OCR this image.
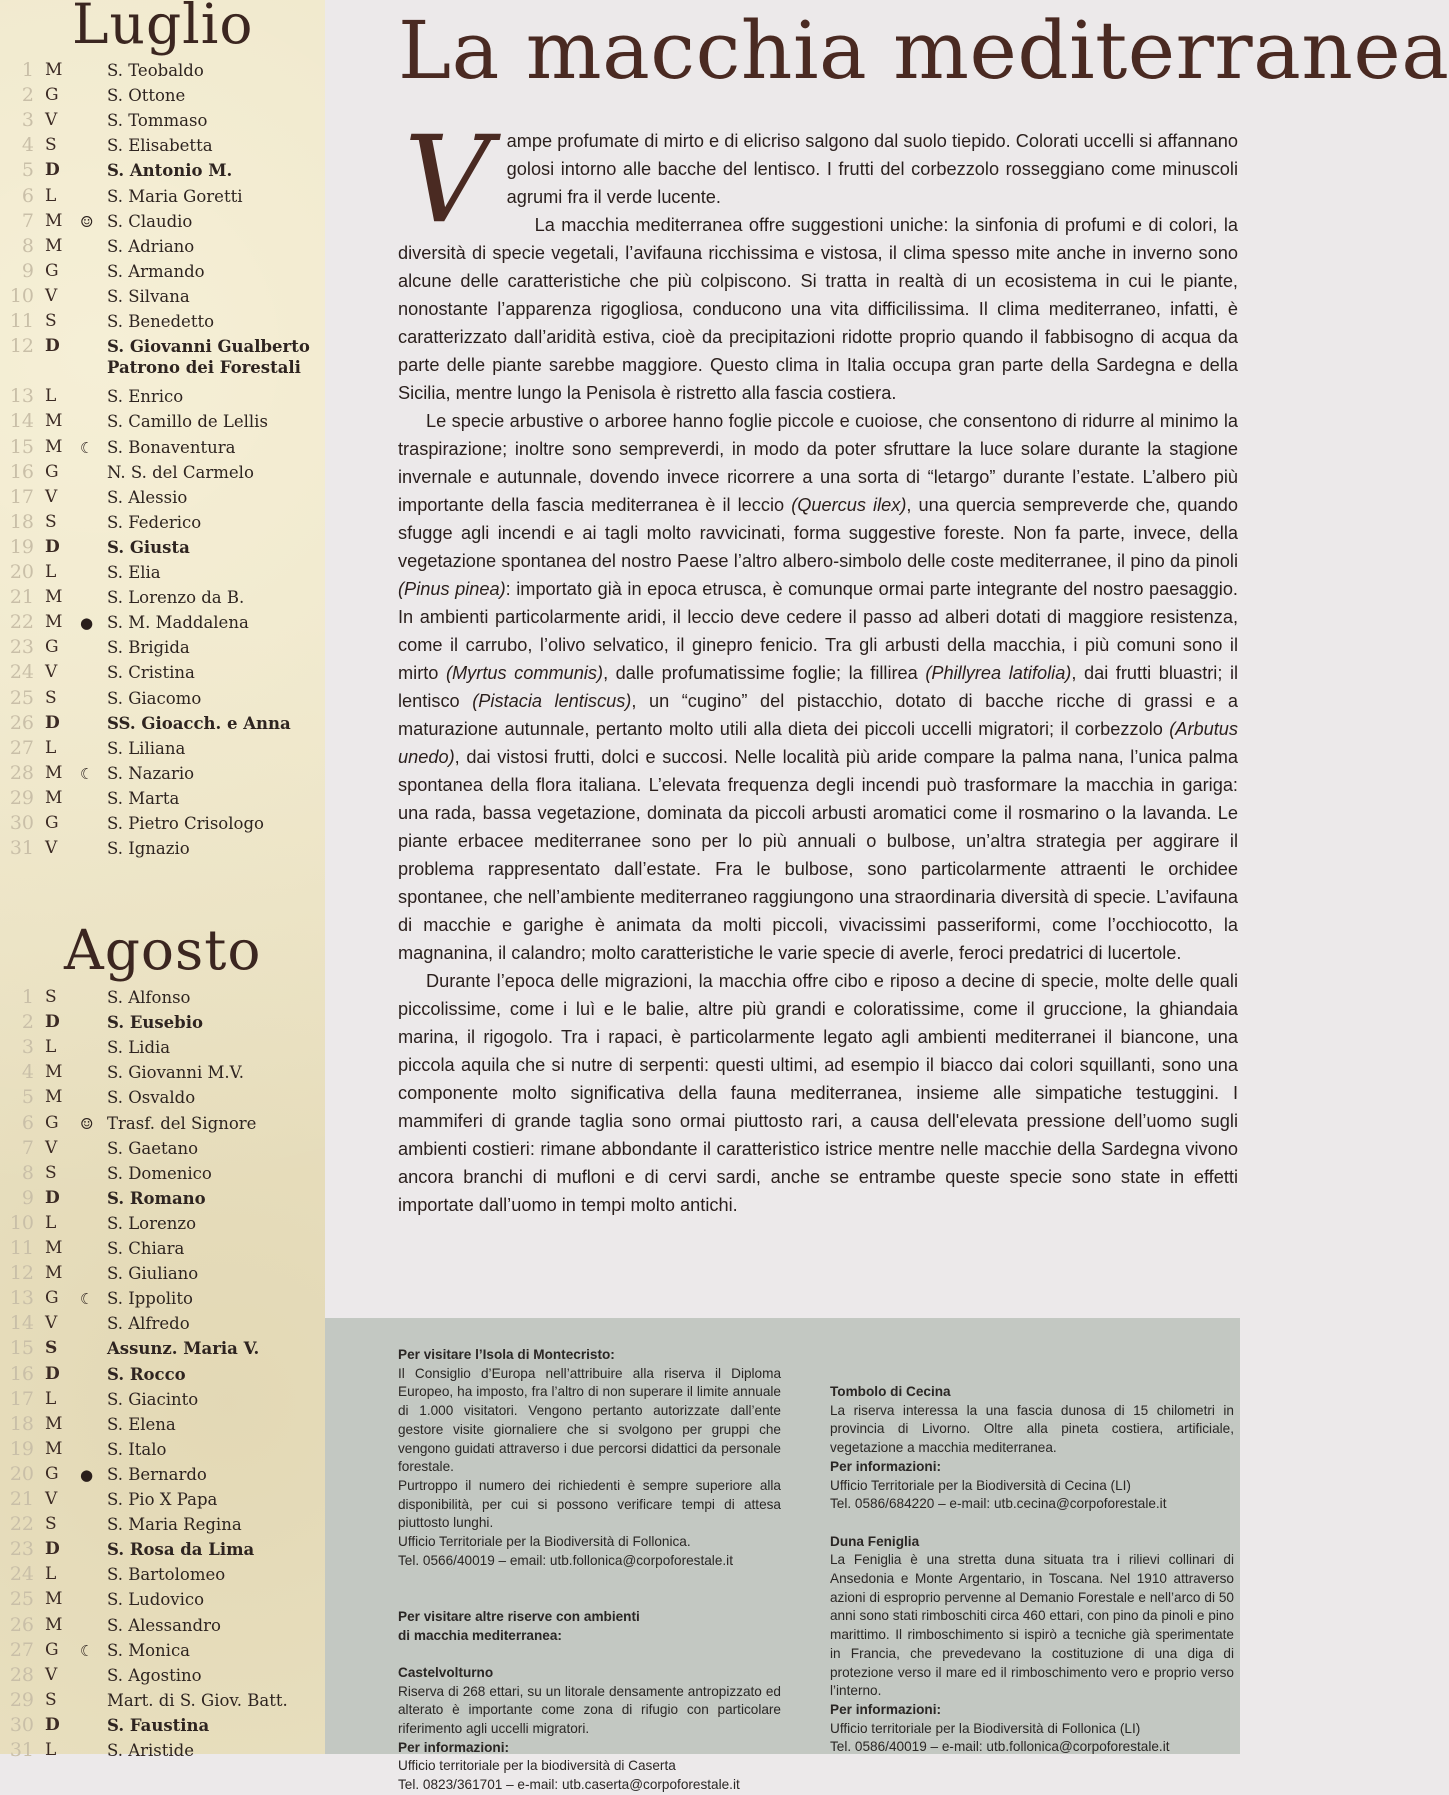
Luglio
1 M	S. Teobaldo
2 G	S. Ottone
3 V	S. Tommaso
4 S	S. Elisabetta
5 D	S. Antonio M.
6 L	S. Maria Goretti
7 M ☺ S. Claudio
8 M	S. Adriano
9 G	S. Armando
10 V	S. Silvana
11 S	S. Benedetto
12 D	S. Giovanni Gualberto
Patrono dei Forestali
13 L	S. Enrico
14 M	S. Camillo de Lellis
15 M ☾ S. Bonaventura
16 G	N. S. del Carmelo
17 V	S. Alessio
18 S	S. Federico
19 D	S. Giusta
20 L	S. Elia
21 M	S. Lorenzo da B.
22 M ● S. M. Maddalena
23 G	S. Brigida
24 V	S. Cristina
25 S	S. Giacomo
26 D	SS. Gioacch. e Anna
27 L	S. Liliana
28 M ☾ S. Nazario
29 M	S. Marta
30 G	S. Pietro Crisologo
31 V	S. Ignazio
Agosto
1 S	S. Alfonso
2 D	S. Eusebio
3 L	S. Lidia
4 M	S. Giovanni M.V.
5 M	S. Osvaldo
6 G ☺ Trasf. del Signore
7 V	S. Gaetano
8 S	S. Domenico
9 D	S. Romano
10 L	S. Lorenzo
11 M	S. Chiara
12 M	S. Giuliano
13 G ☾ S. Ippolito
14 V	S. Alfredo
15 S	Assunz. Maria V.
16 D	S. Rocco
17 L	S. Giacinto
18 M	S. Elena
19 M	S. Italo
20 G ● S. Bernardo
21 V	S. Pio X Papa
22 S	S. Maria Regina
23 D	S. Rosa da Lima
24 L	S. Bartolomeo
25 M	S. Ludovico
26 M	S. Alessandro
27 G ☾ S. Monica
28 V	S. Agostino
29 S	Mart. di S. Giov. Batt.
30 D	S. Faustina
31 L	S. Aristide
La macchia mediterranea

Vampe profumate di mirto e di elicriso salgono dal suolo tiepido. Colorati uccelli si affannano golosi intorno alle bacche del lentisco. I frutti del corbezzolo rosseggiano come minuscoli agrumi fra il verde lucente.

La macchia mediterranea offre suggestioni uniche: la sinfonia di profumi e di colori, la diversità di specie vegetali, l’avifauna ricchissima e vistosa, il clima spesso mite anche in inverno sono alcune delle caratteristiche che più colpiscono. Si tratta in realtà di un ecosistema in cui le piante, nonostante l’apparenza rigogliosa, conducono una vita difficilissima. Il clima mediterraneo, infatti, è caratterizzato dall’aridità estiva, cioè da precipitazioni ridotte proprio quando il fabbisogno di acqua da parte delle piante sarebbe maggiore. Questo clima in Italia occupa gran parte della Sardegna e della Sicilia, mentre lungo la Penisola è ristretto alla fascia costiera.

Le specie arbustive o arboree hanno foglie piccole e cuoiose, che consentono di ridurre al minimo la traspirazione; inoltre sono sempreverdi, in modo da poter sfruttare la luce solare durante la stagione invernale e autunnale, dovendo invece ricorrere a una sorta di “letargo” durante l’estate. L’albero più importante della fascia mediterranea è il leccio (Quercus ilex), una quercia sempreverde che, quando sfugge agli incendi e ai tagli molto ravvicinati, forma suggestive foreste. Non fa parte, invece, della vegetazione spontanea del nostro Paese l’altro albero-simbolo delle coste mediterranee, il pino da pinoli (Pinus pinea): importato già in epoca etrusca, è comunque ormai parte integrante del nostro paesaggio. In ambienti particolarmente aridi, il leccio deve cedere il passo ad alberi dotati di maggiore resistenza, come il carrubo, l’olivo selvatico, il ginepro fenicio. Tra gli arbusti della macchia, i più comuni sono il mirto (Myrtus communis), dalle profumatissime foglie; la fillirea (Phillyrea latifolia), dai frutti bluastri; il lentisco (Pistacia lentiscus), un “cugino” del pistacchio, dotato di bacche ricche di grassi e a maturazione autunnale, pertanto molto utili alla dieta dei piccoli uccelli migratori; il corbezzolo (Arbutus unedo), dai vistosi frutti, dolci e succosi. Nelle località più aride compare la palma nana, l’unica palma spontanea della flora italiana. L’elevata frequenza degli incendi può trasformare la macchia in gariga: una rada, bassa vegetazione, dominata da piccoli arbusti aromatici come il rosmarino o la lavanda. Le piante erbacee mediterranee sono per lo più annuali o bulbose, un’altra strategia per aggirare il problema rappresentato dall’estate. Fra le bulbose, sono particolarmente attraenti le orchidee spontanee, che nell’ambiente mediterraneo raggiungono una straordinaria diversità di specie. L’avifauna di macchie e garighe è animata da molti piccoli, vivacissimi passeriformi, come l’occhiocotto, la magnanina, il calandro; molto caratteristiche le varie specie di averle, feroci predatrici di lucertole.

Durante l’epoca delle migrazioni, la macchia offre cibo e riposo a decine di specie, molte delle quali piccolissime, come i luì e le balie, altre più grandi e coloratissime, come il gruccione, la ghiandaia marina, il rigogolo. Tra i rapaci, è particolarmente legato agli ambienti mediterranei il biancone, una piccola aquila che si nutre di serpenti: questi ultimi, ad esempio il biacco dai colori squillanti, sono una componente molto significativa della fauna mediterranea, insieme alle simpatiche testuggini. I mammiferi di grande taglia sono ormai piuttosto rari, a causa dell'elevata pressione dell’uomo sugli ambienti costieri: rimane abbondante il caratteristico istrice mentre nelle macchie della Sardegna vivono ancora branchi di mufloni e di cervi sardi, anche se entrambe queste specie sono state in effetti importate dall’uomo in tempi molto antichi.

Per visitare l’Isola di Montecristo:

Il Consiglio d’Europa nell’attribuire alla riserva il Diploma Europeo, ha imposto, fra l’altro di non superare il limite annuale di 1.000 visitatori. Vengono pertanto autorizzate dall’ente gestore visite giornaliere che si svolgono per gruppi che vengono guidati attraverso i due percorsi didattici da personale forestale.

Purtroppo il numero dei richiedenti è sempre superiore alla disponibilità, per cui si possono verificare tempi di attesa piuttosto lunghi.

Ufficio Territoriale per la Biodiversità di Follonica.

Tel. 0566/40019 – email: utb.follonica@corpoforestale.it

Per visitare altre riserve con ambienti

di macchia mediterranea:

Castelvolturno

Riserva di 268 ettari, su un litorale densamente antropizzato ed alterato è importante come zona di rifugio con particolare riferimento agli uccelli migratori.

Per informazioni:

Ufficio territoriale per la biodiversità di Caserta

Tel. 0823/361701 – e-mail: utb.caserta@corpoforestale.it

Tombolo di Cecina

La riserva interessa la una fascia dunosa di 15 chilometri in provincia di Livorno. Oltre alla pineta costiera, artificiale, vegetazione a macchia mediterranea.

Per informazioni:

Ufficio Territoriale per la Biodiversità di Cecina (LI)

Tel. 0586/684220 – e-mail: utb.cecina@corpoforestale.it

Duna Feniglia

La Feniglia è una stretta duna situata tra i rilievi collinari di Ansedonia e Monte Argentario, in Toscana. Nel 1910 attraverso azioni di esproprio pervenne al Demanio Forestale e nell’arco di 50 anni sono stati rimboschiti circa 460 ettari, con pino da pinoli e pino marittimo. Il rimboschimento si ispirò a tecniche già sperimentate in Francia, che prevedevano la costituzione di una diga di protezione verso il mare ed il rimboschimento vero e proprio verso l’interno.

Per informazioni:

Ufficio territoriale per la Biodiversità di Follonica (LI)

Tel. 0586/40019 – e-mail: utb.follonica@corpoforestale.it
